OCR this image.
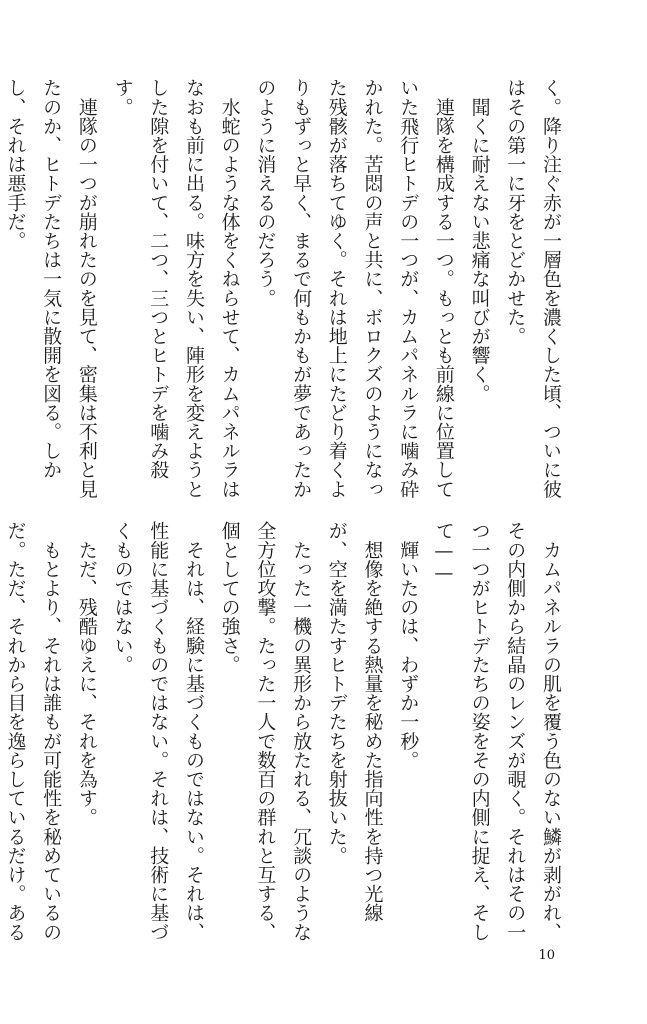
く。降り注ぐ赤が一層色を濃くした頃、ついに彼はその第一に牙をとどかせた。

　聞くに耐えない悲痛な叫びが響く。

　連隊を構成する一つ。もっとも前線に位置していた飛行ヒトデの一つが、カムパネルラに噛み砕かれた。苦悶の声と共に、ボロクズのようになった残骸が落ちてゆく。それは地上にたどり着くよりもずっと早く、まるで何もかもが夢であったかのように消えるのだろう。

　水蛇のような体をくねらせて、カムパネルラはなおも前に出る。味方を失い、陣形を変えようとした隙を付いて、二つ、三つとヒトデを噛み殺す。

　連隊の一つが崩れたのを見て、密集は不利と見たのか、ヒトデたちは一気に散開を図る。しかし、それは悪手だ。

　カムパネルラの肌を覆う色のない鱗が剥がれ、その内側から結晶のレンズが覗く。それはその一つ一つがヒトデたちの姿をその内側に捉え、そして——

　輝いたのは、わずか一秒。

　想像を絶する熱量を秘めた指向性を持つ光線が、空を満たすヒトデたちを射抜いた。

　たった一機の異形から放たれる、冗談のような全方位攻撃。たった一人で数百の群れと互する、個としての強さ。

　それは、経験に基づくものではない。それは、性能に基づくものではない。それは、技術に基づくものではない。

　ただ、残酷ゆえに、それを為す。

　もとより、それは誰もが可能性を秘めているのだ。ただ、それから目を逸らしているだけ。ある

10
